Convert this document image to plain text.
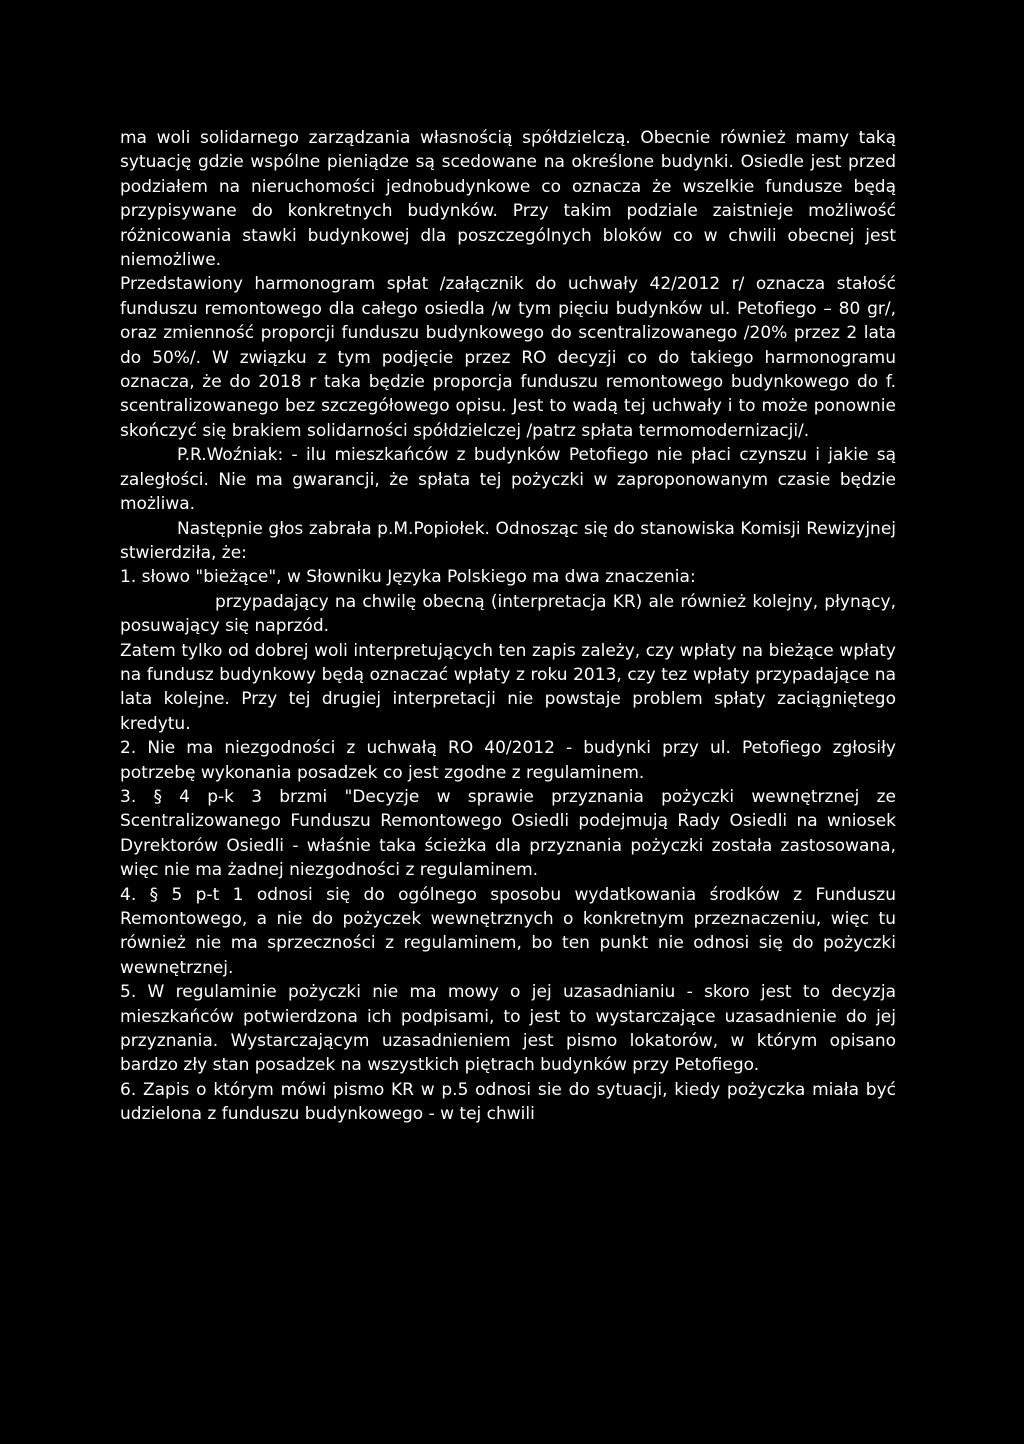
ma woli solidarnego zarządzania własnością spółdzielczą. Obecnie również mamy taką sytuację gdzie wspólne pieniądze są scedowane na określone budynki. Osiedle jest przed podziałem na nieruchomości jednobudynkowe co oznacza że wszelkie fundusze będą przypisywane do konkretnych budynków. Przy takim podziale zaistnieje możliwość różnicowania stawki budynkowej dla poszczególnych bloków co w chwili obecnej jest niemożliwe.

Przedstawiony harmonogram spłat /załącznik do uchwały 42/2012 r/ oznacza stałość funduszu remontowego dla całego osiedla /w tym pięciu budynków ul. Petofiego – 80 gr/, oraz zmienność proporcji funduszu budynkowego do scentralizowanego /20% przez 2 lata do 50%/. W związku z tym podjęcie przez RO decyzji co do takiego harmonogramu oznacza, że do 2018 r taka będzie proporcja funduszu remontowego budynkowego do f. scentralizowanego bez szczegółowego opisu. Jest to wadą tej uchwały i to może ponownie skończyć się brakiem solidarności spółdzielczej /patrz spłata termomodernizacji/.

P.R.Woźniak: - ilu mieszkańców z budynków Petofiego nie płaci czynszu i jakie są zaległości. Nie ma gwarancji, że spłata tej pożyczki w zaproponowanym czasie będzie możliwa.

Następnie głos zabrała p.M.Popiołek. Odnosząc się do stanowiska Komisji Rewizyjnej stwierdziła, że:

1. słowo "bieżące", w Słowniku Języka Polskiego ma dwa znaczenia:

przypadający na chwilę obecną (interpretacja KR) ale również kolejny, płynący, posuwający się naprzód.

Zatem tylko od dobrej woli interpretujących ten zapis zależy, czy wpłaty na bieżące wpłaty na fundusz budynkowy będą oznaczać wpłaty z roku 2013, czy tez wpłaty przypadające na lata kolejne. Przy tej drugiej interpretacji nie powstaje problem spłaty zaciągniętego kredytu.

2. Nie ma niezgodności z uchwałą RO 40/2012 - budynki przy ul. Petofiego zgłosiły potrzebę wykonania posadzek co jest zgodne z regulaminem.

3. § 4 p-k 3 brzmi "Decyzje w sprawie przyznania pożyczki wewnętrznej ze Scentralizowanego Funduszu Remontowego Osiedli podejmują Rady Osiedli na wniosek Dyrektorów Osiedli - właśnie taka ścieżka dla przyznania pożyczki została zastosowana, więc nie ma żadnej niezgodności z regulaminem.

4. § 5 p-t 1 odnosi się do ogólnego sposobu wydatkowania środków z Funduszu Remontowego, a nie do pożyczek wewnętrznych o konkretnym przeznaczeniu, więc tu również nie ma sprzeczności z regulaminem, bo ten punkt nie odnosi się do pożyczki wewnętrznej.

5. W regulaminie pożyczki nie ma mowy o jej uzasadnianiu - skoro jest to decyzja mieszkańców potwierdzona ich podpisami, to jest to wystarczające uzasadnienie do jej przyznania. Wystarczającym uzasadnieniem jest pismo lokatorów, w którym opisano bardzo zły stan posadzek na wszystkich piętrach budynków przy Petofiego.

6. Zapis o którym mówi pismo KR w p.5 odnosi sie do sytuacji, kiedy pożyczka miała być udzielona z funduszu budynkowego - w tej chwili
